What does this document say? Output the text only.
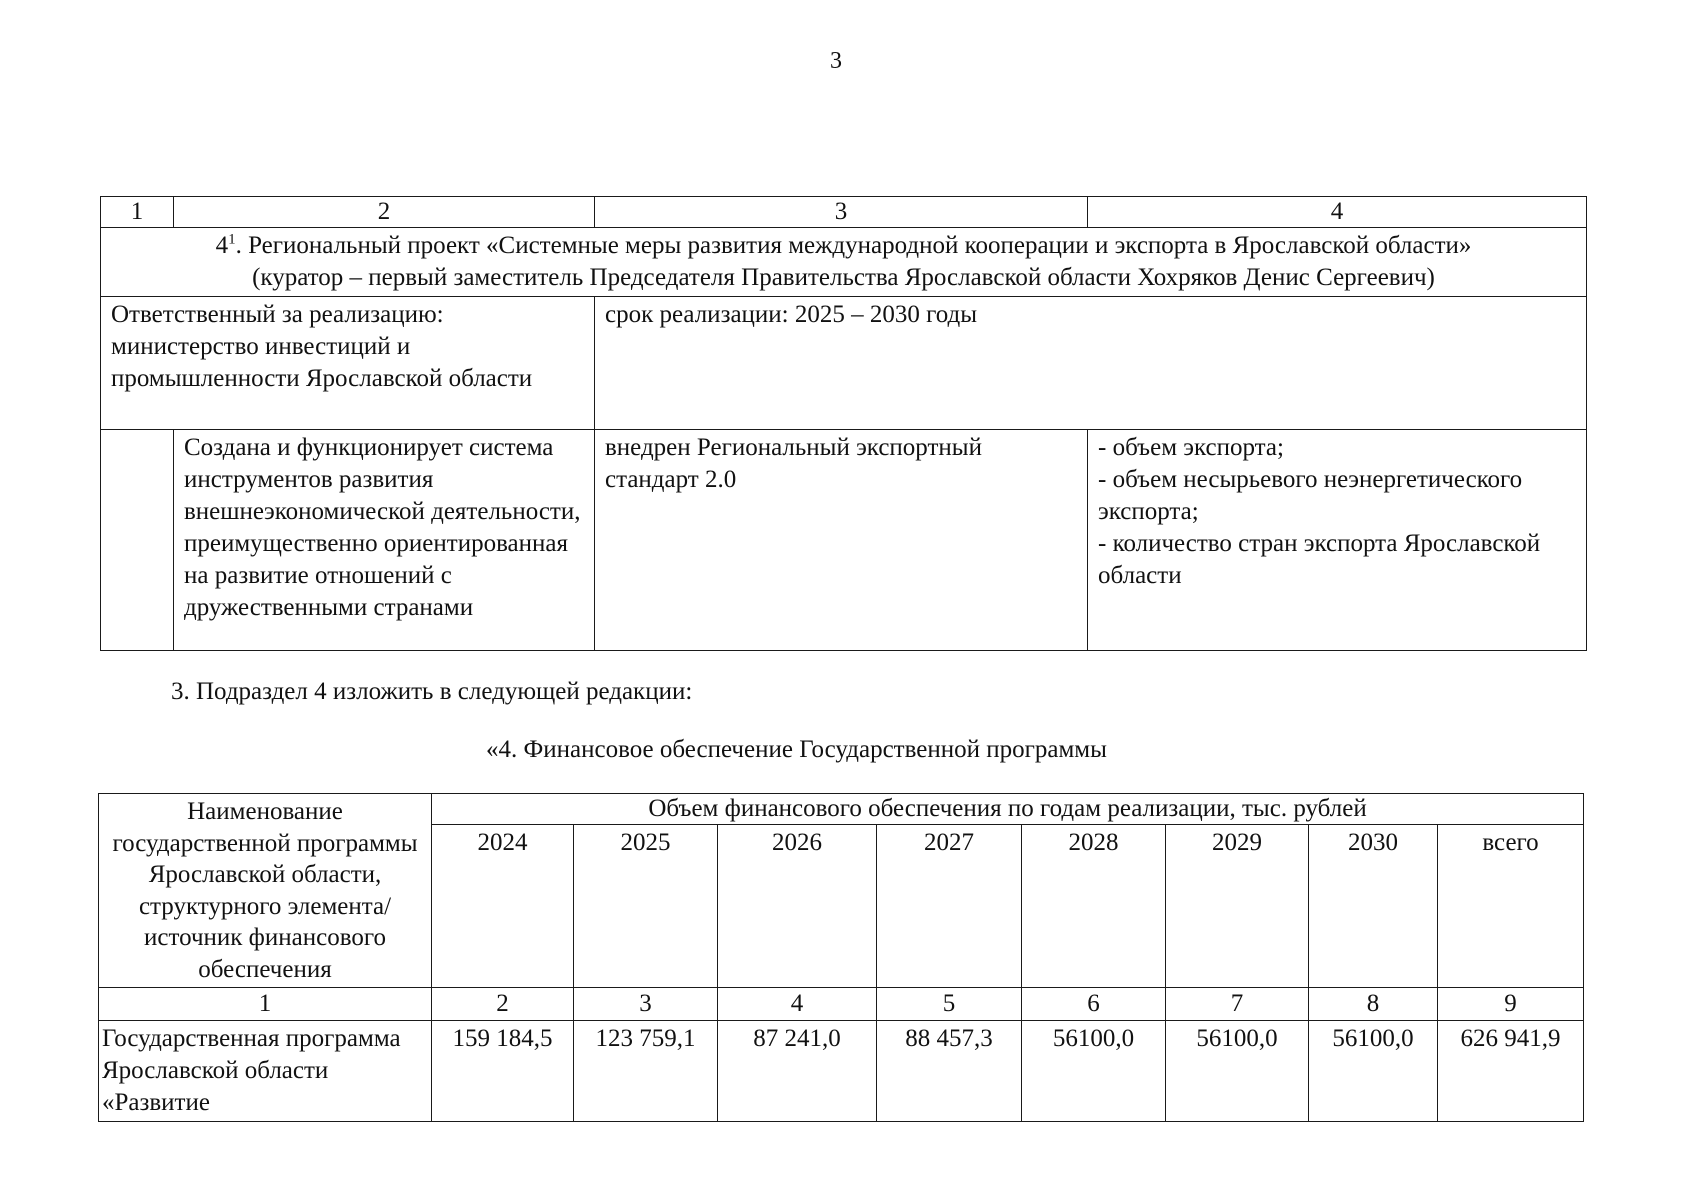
3
1	2	3	4
$4^1$. Региональный проект «Системные меры развития международной кооперации и экспорта в Ярославской области»
(куратор – первый заместитель Председателя Правительства Ярославской области Хохряков Денис Сергеевич)			
Ответственный за реализацию: министерство инвестиций и промышленности Ярославской области		срок реализации: 2025 – 2030 годы	
	Создана и функционирует система инструментов развития внешнеэкономической деятельности, преимущественно ориентированная на развитие отношений с дружественными странами	внедрен Региональный экспортный стандарт 2.0	- объем экспорта;
- объем несырьевого неэнергетического экспорта;
- количество стран экспорта Ярославской области
3. Подраздел 4 изложить в следующей редакции:
«4. Финансовое обеспечение Государственной программы
Наименование государственной программы Ярославской области, структурного элемента/ источник финансового обеспечения	Объем финансового обеспечения по годам реализации, тыс. рублей							
	2024	2025	2026	2027	2028	2029	2030	всего
1	2	3	4	5	6	7	8	9
Государственная программа Ярославской области «Развитие	159 184,5	123 759,1	87 241,0	88 457,3	56100,0	56100,0	56100,0	626 941,9
